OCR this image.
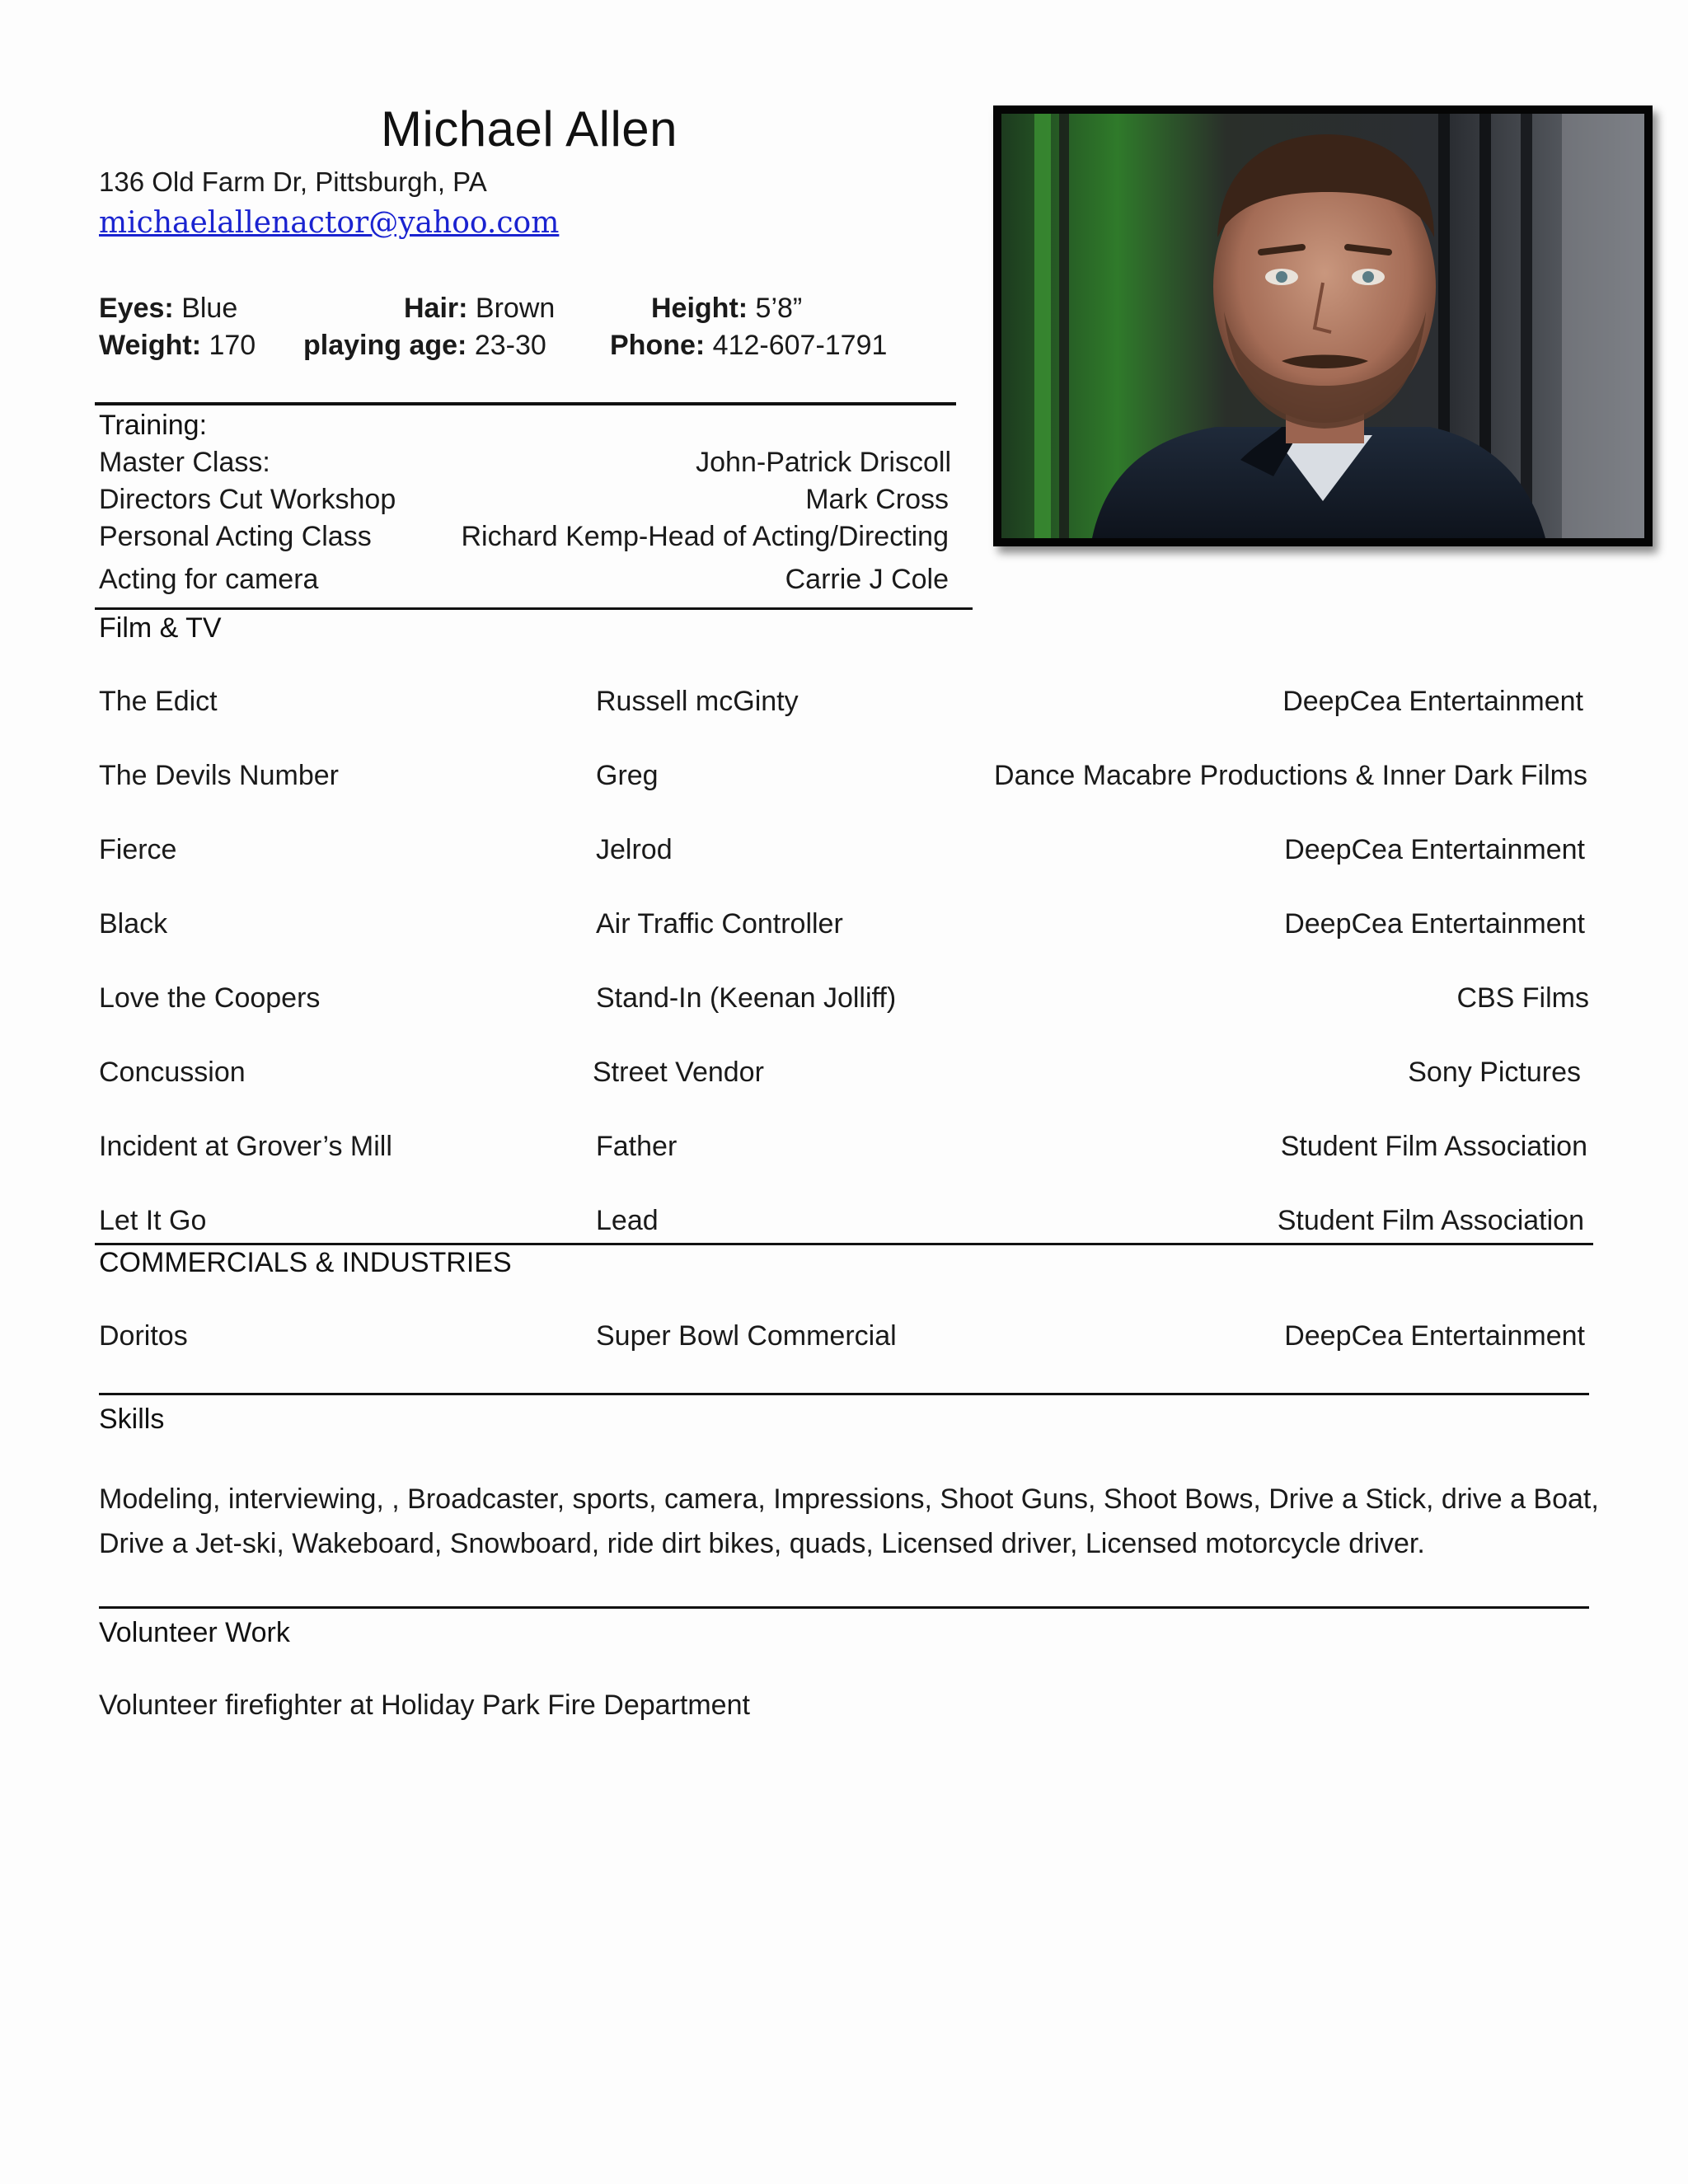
Michael Allen
136 Old Farm Dr, Pittsburgh, PA
michaelallenactor@yahoo.com
Eyes: Blue	Hair: Brown	Height: 5’8”
Weight: 170 playing age: 23-30 Phone: 412-607-1791
Training:
Master Class:	John-Patrick Driscoll
Directors Cut Workshop	Mark Cross
Personal Acting Class	Richard Kemp-Head of Acting/Directing
Acting for camera	Carrie J Cole
Film & TV
The Edict	Russell mcGinty	DeepCea Entertainment
The Devils Number	Greg	Dance Macabre Productions & Inner Dark Films
Fierce	Jelrod	DeepCea Entertainment
Black	Air Traffic Controller	DeepCea Entertainment
Love the Coopers	Stand-In (Keenan Jolliff)	CBS Films
Concussion	Street Vendor	Sony Pictures
Incident at Grover’s Mill	Father	Student Film Association
Let It Go	Lead	Student Film Association
COMMERCIALS & INDUSTRIES
Doritos	Super Bowl Commercial	DeepCea Entertainment
Skills
Modeling, interviewing, , Broadcaster, sports, camera, Impressions, Shoot Guns, Shoot Bows, Drive a Stick, drive a Boat,
Drive a Jet-ski, Wakeboard, Snowboard, ride dirt bikes, quads, Licensed driver, Licensed motorcycle driver.
Volunteer Work
Volunteer firefighter at Holiday Park Fire Department
